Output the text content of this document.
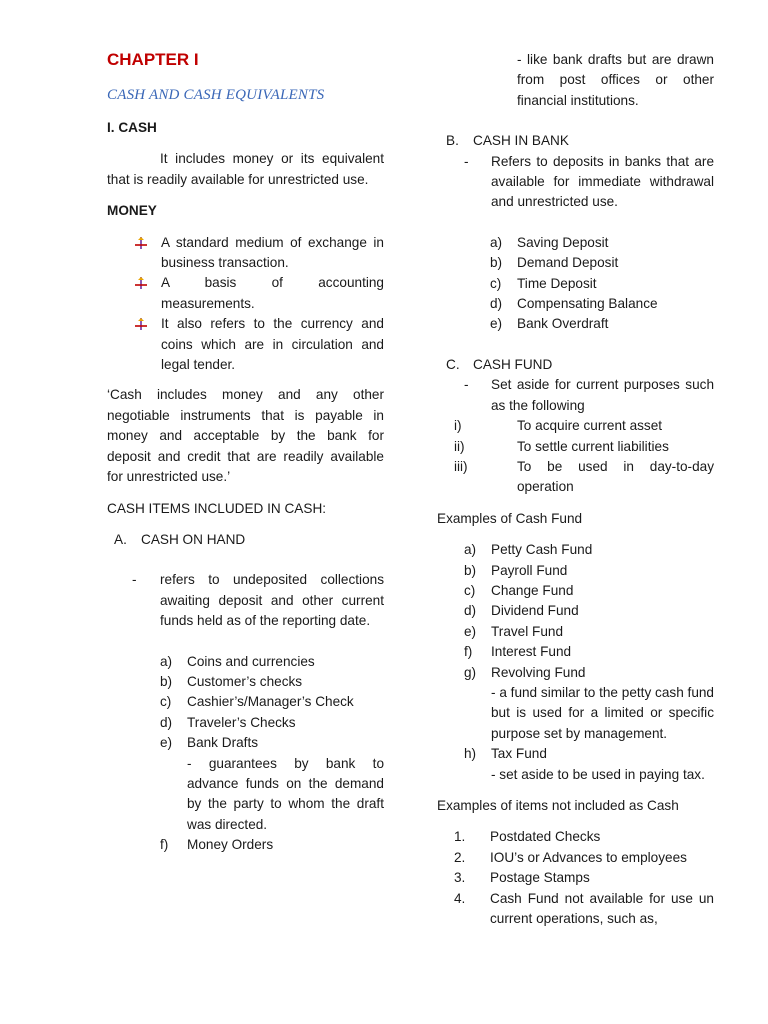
CHAPTER I
CASH AND CASH EQUIVALENTS

I. CASH

It includes money or its equivalent that is readily available for unrestricted use.

MONEY

A standard medium of exchange in business transaction.
A basis of accounting measurements.
It also refers to the currency and coins which are in circulation and legal tender.

‘Cash includes money and any other negotiable instruments that is payable in money and acceptable by the bank for deposit and credit that are readily available for unrestricted use.’

CASH ITEMS INCLUDED IN CASH:

A.	CASH ON HAND
-	refers to undeposited collections awaiting deposit and other current funds held as of the reporting date.
a)	Coins and currencies
b)	Customer’s checks
c)	Cashier’s/Manager’s Check
d)	Traveler’s Checks
e)	Bank Drafts

- guarantees by bank to advance funds on the demand by the party to whom the draft was directed.

f)	Money Orders

- like bank drafts but are drawn from post offices or other financial institutions.

B.	CASH IN BANK
-	Refers to deposits in banks that are available for immediate withdrawal and unrestricted use.
a)	Saving Deposit
b)	Demand Deposit
c)	Time Deposit
d)	Compensating Balance
e)	Bank Overdraft
C. CASH FUND
-	Set aside for current purposes such as the following
i)	To acquire current asset
ii)	To settle current liabilities
iii)	To be used in day-to-day operation

Examples of Cash Fund

a)	Petty Cash Fund
b)	Payroll Fund
c)	Change Fund
d)	Dividend Fund
e)	Travel Fund
f)	Interest Fund
g)	Revolving Fund

- a fund similar to the petty cash fund but is used for a limited or specific purpose set by management.

h)	Tax Fund

- set aside to be used in paying tax.

Examples of items not included as Cash

1.	Postdated Checks
2.	IOU’s or Advances to employees
3.	Postage Stamps
4.	Cash Fund not available for use un current operations, such as,
